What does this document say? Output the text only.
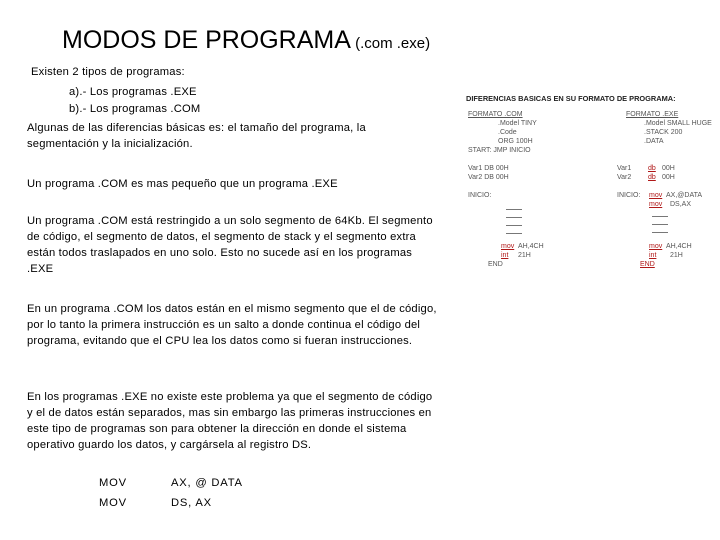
MODOS DE PROGRAMA (.com .exe)
Existen 2 tipos de programas:
a).- Los programas .EXE
b).- Los programas .COM
Algunas de las diferencias básicas es: el tamaño del programa, la segmentación y la inicialización.
Un programa .COM es mas pequeño que un programa .EXE
Un programa .COM está restringido a un solo segmento de 64Kb. El segmento de código, el segmento de datos, el segmento de stack y el segmento extra están todos traslapados en uno solo. Esto no sucede así en los programas .EXE
En un programa .COM los datos están en el mismo segmento que el de código, por lo tanto la primera instrucción es un salto a donde continua el código del programa, evitando que el CPU lea los datos como si fueran instrucciones.
En los programas .EXE no existe este problema ya que el segmento de código y el de datos están separados, mas sin embargo las primeras instrucciones en este tipo de programas son para obtener la dirección en donde el sistema operativo guardo los datos, y cargársela al registro DS.
MOV	AX, @ DATA
MOV	DS, AX
DIFERENCIAS BASICAS EN SU FORMATO DE PROGRAMA:
FORMATO .COM
.Model TINY
.Code
ORG 100H
START: JMP INICIO
Var1 DB 00H
Var2 DB 00H
INICIO:
mov AH,4CH
int 21H
END
FORMATO .EXE
.Model SMALL HUGE
.STACK 200
.DATA
Var1 db 00H
Var2 db 00H
INICIO: mov AX,@DATA
mov DS,AX
mov AH,4CH
int 21H
END
